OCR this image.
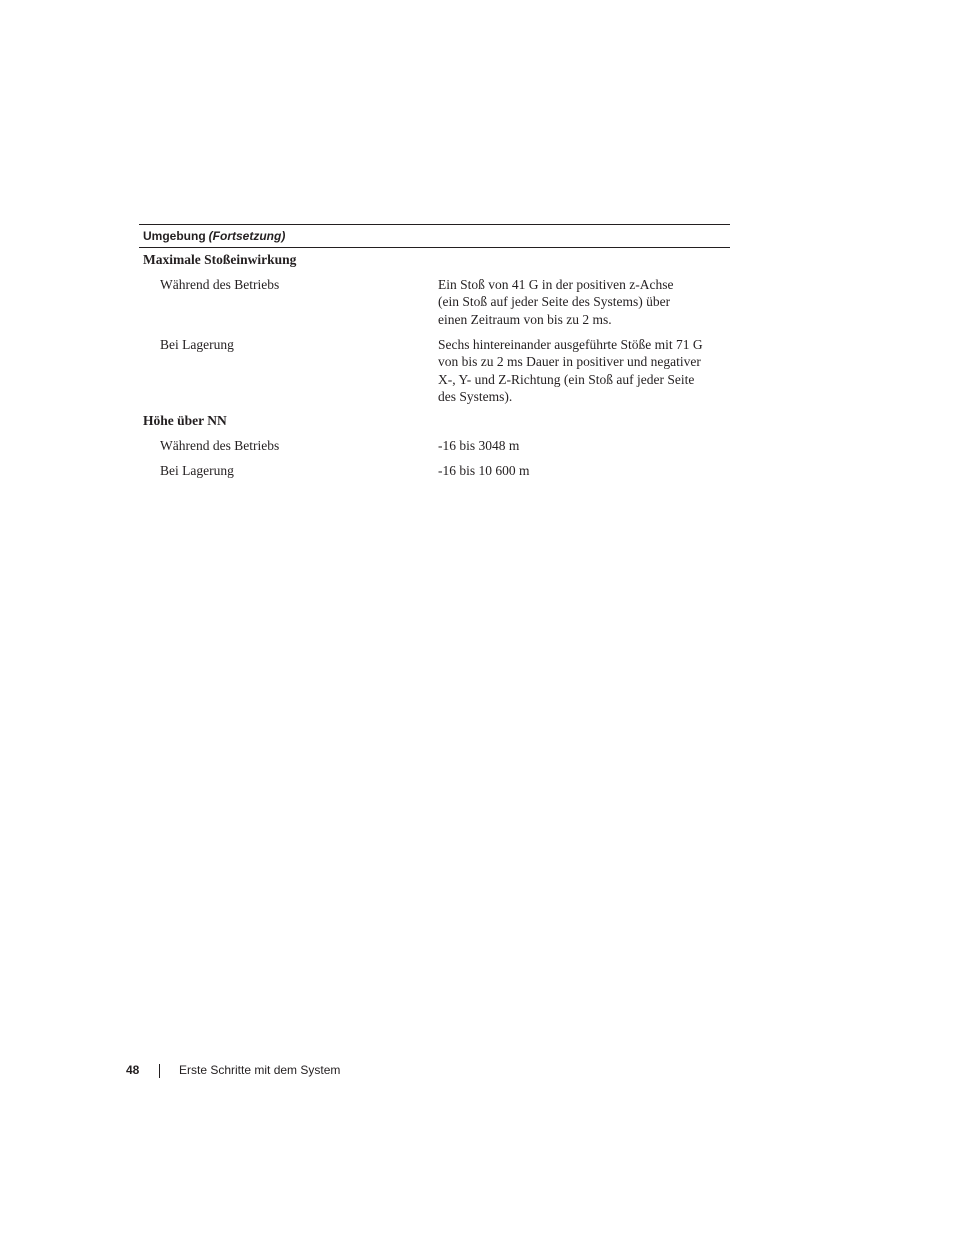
Umgebung (Fortsetzung)
Maximale Stoßeinwirkung
Während des Betriebs	Ein Stoß von 41 G in der positiven z-Achse
(ein Stoß auf jeder Seite des Systems) über
einen Zeitraum von bis zu 2 ms.
Bei Lagerung	Sechs hintereinander ausgeführte Stöße mit 71 G
von bis zu 2 ms Dauer in positiver und negativer
X-, Y- und Z-Richtung (ein Stoß auf jeder Seite
des Systems).
Höhe über NN
Während des Betriebs	-16 bis 3048 m
Bei Lagerung	-16 bis 10 600 m
48	Erste Schritte mit dem System
